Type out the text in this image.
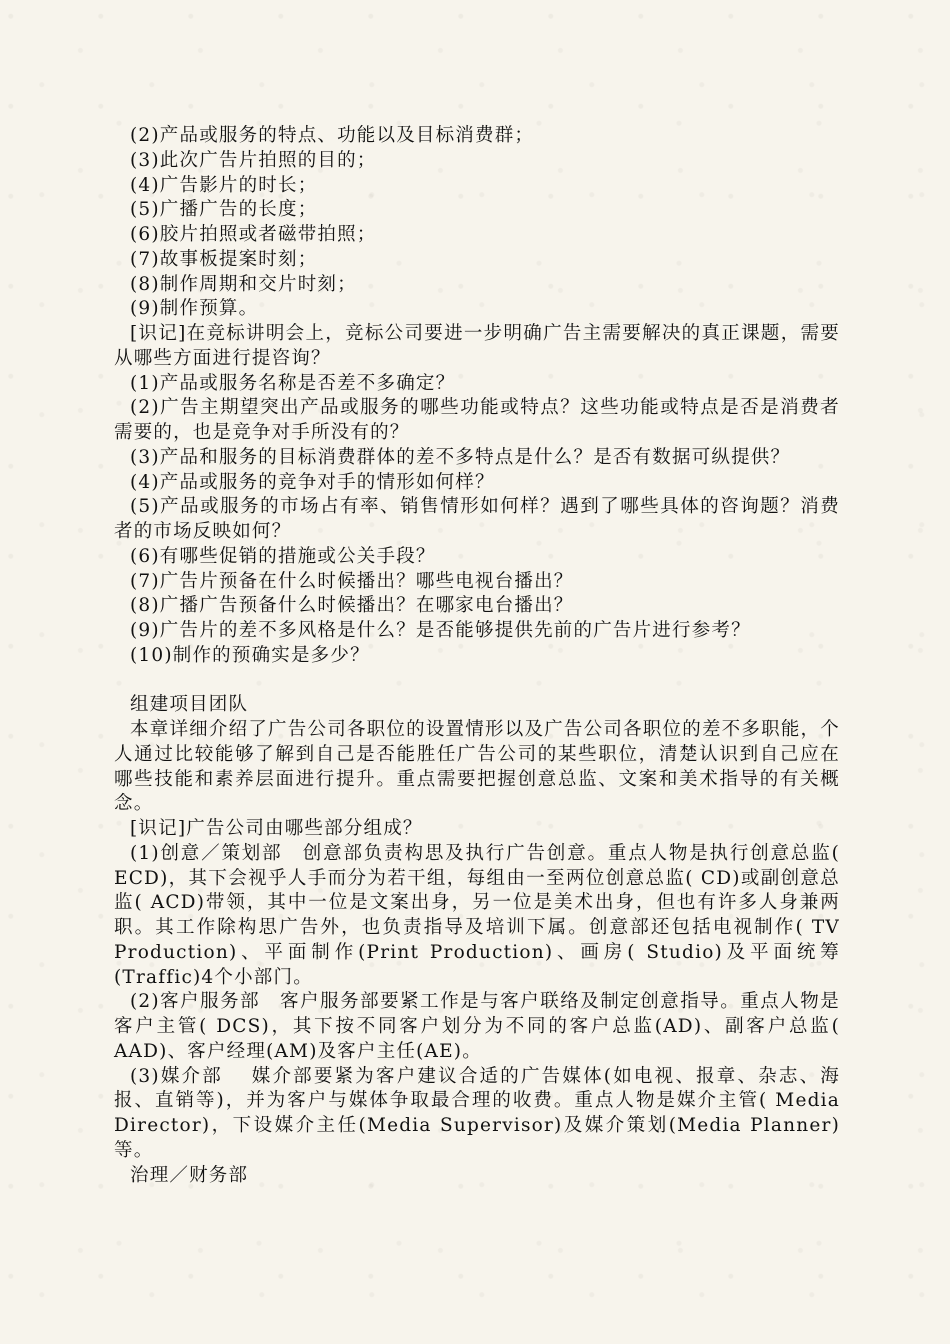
(2)产品或服务的特点、功能以及目标消费群；

(3)此次广告片拍照的目的；

(4)广告影片的时长；

(5)广播广告的长度；

(6)胶片拍照或者磁带拍照；

(7)故事板提案时刻；

(8)制作周期和交片时刻；

(9)制作预算。

[识记]在竞标讲明会上，竞标公司要进一步明确广告主需要解决的真正课题，需要从哪些方面进行提咨询？

(1)产品或服务名称是否差不多确定？

(2)广告主期望突出产品或服务的哪些功能或特点？这些功能或特点是否是消费者需要的，也是竞争对手所没有的？

(3)产品和服务的目标消费群体的差不多特点是什么？是否有数据可纵提供？

(4)产品或服务的竞争对手的情形如何样？

(5)产品或服务的市场占有率、销售情形如何样？遇到了哪些具体的咨询题？消费者的市场反映如何？

(6)有哪些促销的措施或公关手段？

(7)广告片预备在什么时候播出？哪些电视台播出？

(8)广播广告预备什么时候播出？在哪家电台播出？

(9)广告片的差不多风格是什么？是否能够提供先前的广告片进行参考？

(10)制作的预确实是多少？

组建项目团队

本章详细介绍了广告公司各职位的设置情形以及广告公司各职位的差不多职能，个人通过比较能够了解到自己是否能胜任广告公司的某些职位，清楚认识到自己应在哪些技能和素养层面进行提升。重点需要把握创意总监、文案和美术指导的有关概念。

[识记]广告公司由哪些部分组成？

(1)创意／策划部　创意部负责构思及执行广告创意。重点人物是执行创意总监( ECD)，其下会视乎人手而分为若干组，每组由一至两位创意总监( CD)或副创意总监( ACD)带领，其中一位是文案出身，另一位是美术出身，但也有许多人身兼两职。其工作除构思广告外，也负责指导及培训下属。创意部还包括电视制作( TV Production)、平面制作(Print Production)、画房( Studio)及平面统筹(Traffic)4个小部门。

(2)客户服务部　客户服务部要紧工作是与客户联络及制定创意指导。重点人物是客户主管( DCS)，其下按不同客户划分为不同的客户总监(AD)、副客户总监( AAD)、客户经理(AM)及客户主任(AE)。

(3)媒介部　 媒介部要紧为客户建议合适的广告媒体(如电视、报章、杂志、海报、直销等)，并为客户与媒体争取最合理的收费。重点人物是媒介主管( Media Director)，下设媒介主任(Media Supervisor)及媒介策划(Media Planner)等。

治理／财务部
